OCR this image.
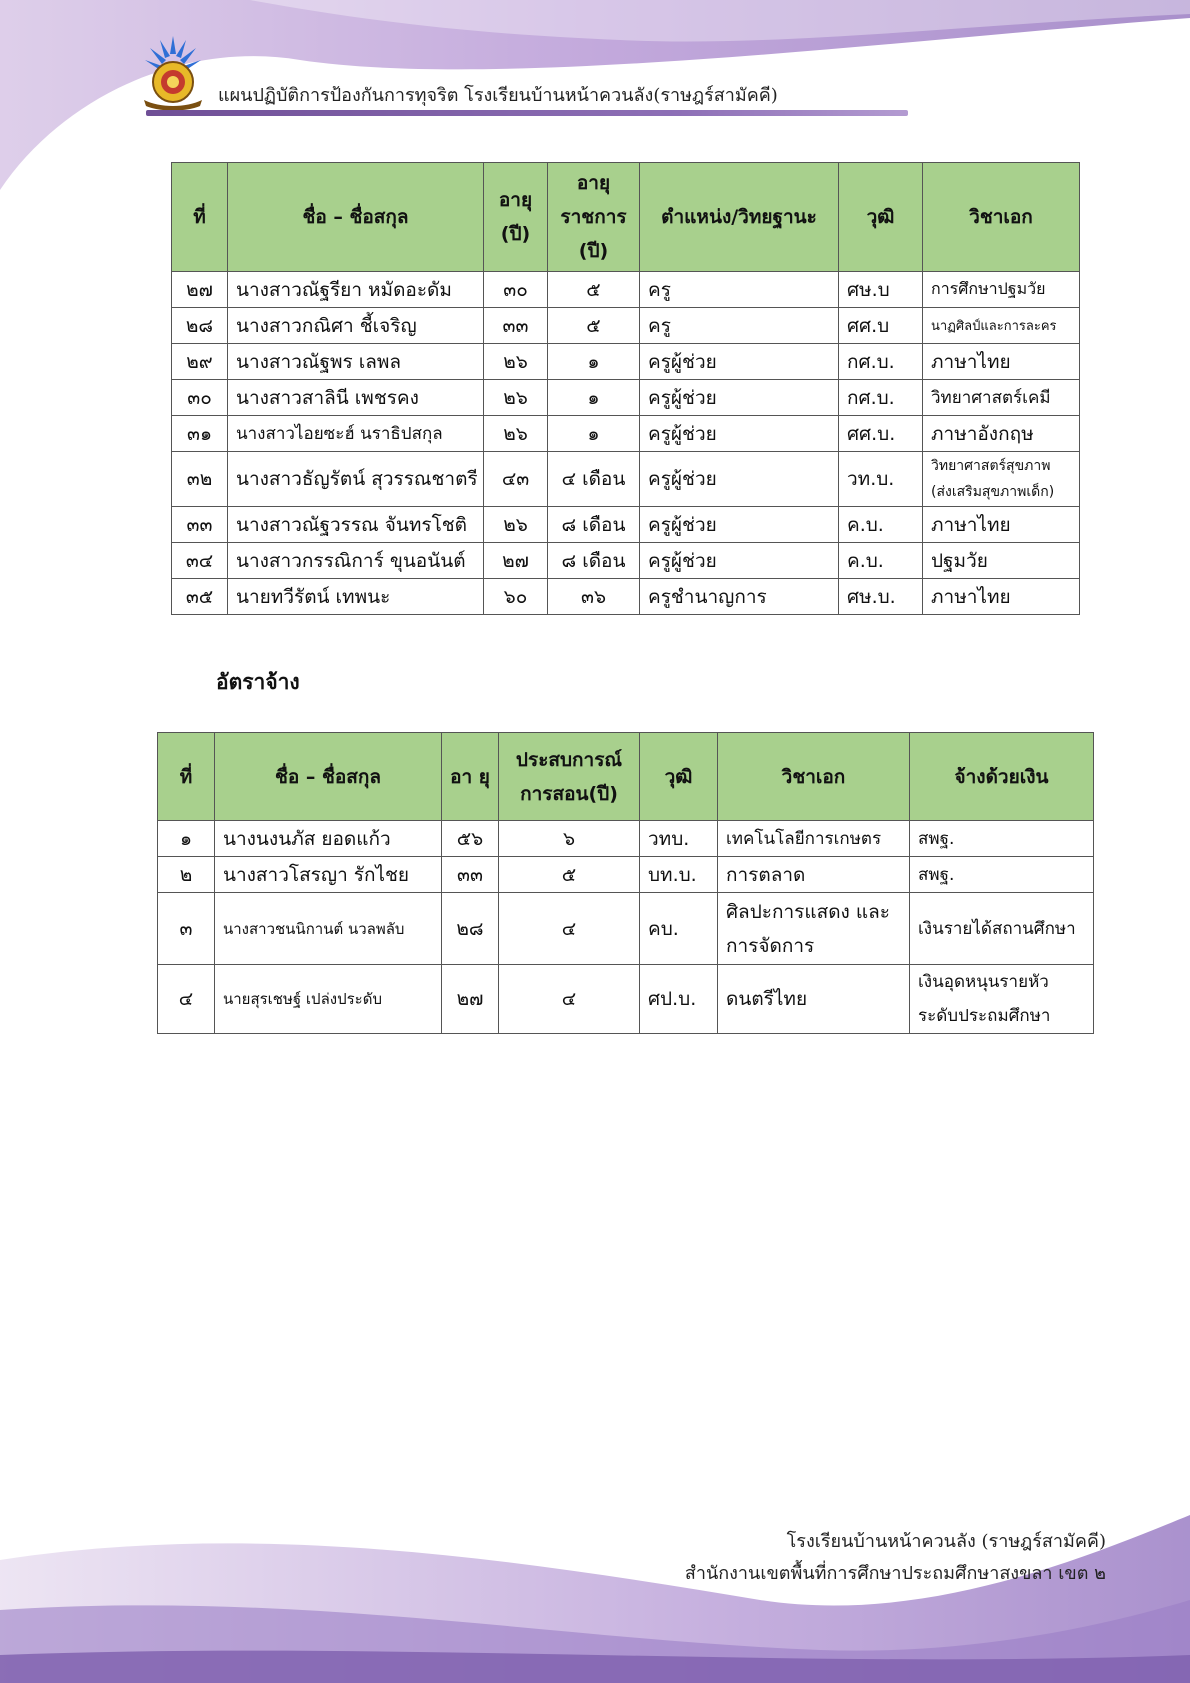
แผนปฏิบัติการป้องกันการทุจริต โรงเรียนบ้านหน้าควนลัง(ราษฎร์สามัคคี)
ที่	ชื่อ – ชื่อสกุล	อายุ (ปี)	อายุ ราชการ (ปี)	ตำแหน่ง/วิทยฐานะ	วุฒิ	วิชาเอก
๒๗	นางสาวณัฐรียา หมัดอะดัม	๓๐	๕	ครู	ศษ.บ	การศึกษาปฐมวัย
๒๘	นางสาวกณิศา ชี้เจริญ	๓๓	๕	ครู	ศศ.บ	นาฏศิลป์และการละคร
๒๙	นางสาวณัฐพร เลพล	๒๖	๑	ครูผู้ช่วย	กศ.บ.	ภาษาไทย
๓๐	นางสาวสาลินี เพชรคง	๒๖	๑	ครูผู้ช่วย	กศ.บ.	วิทยาศาสตร์เคมี
๓๑	นางสาวไอยซะฮ์ นราธิปสกุล	๒๖	๑	ครูผู้ช่วย	ศศ.บ.	ภาษาอังกฤษ
๓๒	นางสาวธัญรัตน์ สุวรรณชาตรี	๔๓	๔ เดือน	ครูผู้ช่วย	วท.บ.	วิทยาศาสตร์สุขภาพ (ส่งเสริมสุขภาพเด็ก)
๓๓	นางสาวณัฐวรรณ จันทรโชติ	๒๖	๘ เดือน	ครูผู้ช่วย	ค.บ.	ภาษาไทย
๓๔	นางสาวกรรณิการ์ ขุนอนันต์	๒๗	๘ เดือน	ครูผู้ช่วย	ค.บ.	ปฐมวัย
๓๕	นายทวีรัตน์ เทพนะ	๖๐	๓๖	ครูชำนาญการ	ศษ.บ.	ภาษาไทย
อัตราจ้าง
ที่	ชื่อ – ชื่อสกุล	อา ยุ	ประสบการณ์ การสอน(ปี)	วุฒิ	วิชาเอก	จ้างด้วยเงิน
๑	นางนงนภัส ยอดแก้ว	๕๖	๖	วทบ.	เทคโนโลยีการเกษตร	สพฐ.
๒	นางสาวโสรญา รักไชย	๓๓	๕	บท.บ.	การตลาด	สพฐ.
๓	นางสาวชนนิกานต์ นวลพลับ	๒๘	๔	คบ.	ศิลปะการแสดง และการจัดการ	เงินรายได้สถานศึกษา
๔	นายสุรเชษฐ์ เปล่งประดับ	๒๗	๔	ศป.บ.	ดนตรีไทย	เงินอุดหนุนรายหัว ระดับประถมศึกษา
โรงเรียนบ้านหน้าควนลัง (ราษฎร์สามัคคี)
สำนักงานเขตพื้นที่การศึกษาประถมศึกษาสงขลา เขต ๒
